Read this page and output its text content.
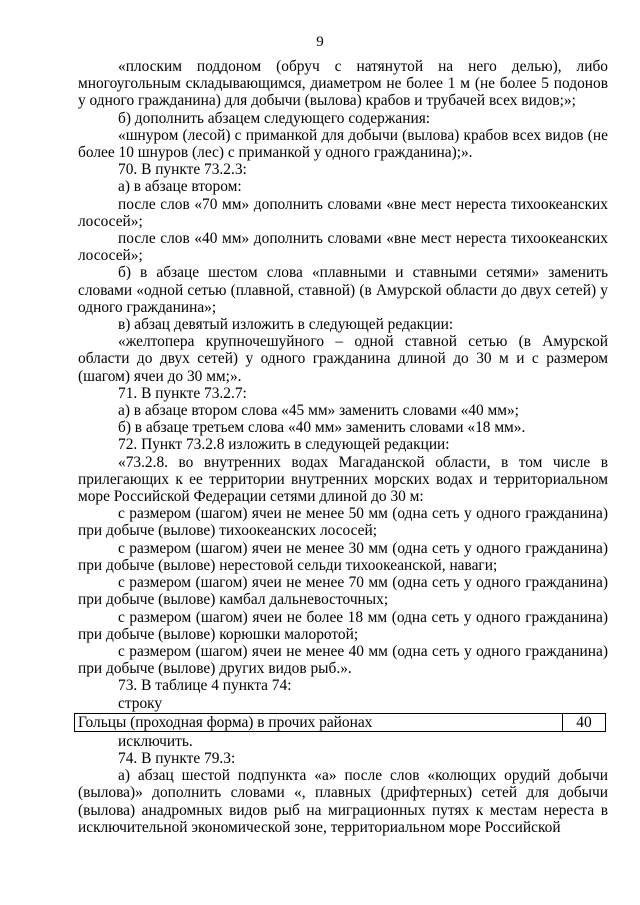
9

«плоским поддоном (обруч с натянутой на него делью), либо многоугольным складывающимся, диаметром не более 1 м (не более 5 подонов у одного гражданина) для добычи (вылова) крабов и трубачей всех видов;»;

б) дополнить абзацем следующего содержания:

«шнуром (лесой) с приманкой для добычи (вылова) крабов всех видов (не более 10 шнуров (лес) с приманкой у одного гражданина);».

70. В пункте 73.2.3:

а) в абзаце втором:

после слов «70 мм» дополнить словами «вне мест нереста тихоокеанских лососей»;

после слов «40 мм» дополнить словами «вне мест нереста тихоокеанских лососей»;

б) в абзаце шестом слова «плавными и ставными сетями» заменить словами «одной сетью (плавной, ставной) (в Амурской области до двух сетей) у одного гражданина»;

в) абзац девятый изложить в следующей редакции:

«желтопера крупночешуйного – одной ставной сетью (в Амурской области до двух сетей) у одного гражданина длиной до 30 м и с размером (шагом) ячеи до 30 мм;».

71. В пункте 73.2.7:

а) в абзаце втором слова «45 мм» заменить словами «40 мм»;

б) в абзаце третьем слова «40 мм» заменить словами «18 мм».

72. Пункт 73.2.8 изложить в следующей редакции:

«73.2.8. во внутренних водах Магаданской области, в том числе в прилегающих к ее территории внутренних морских водах и территориальном море Российской Федерации сетями длиной до 30 м:

с размером (шагом) ячеи не менее 50 мм (одна сеть у одного гражданина) при добыче (вылове) тихоокеанских лососей;

с размером (шагом) ячеи не менее 30 мм (одна сеть у одного гражданина) при добыче (вылове) нерестовой сельди тихоокеанской, наваги;

с размером (шагом) ячеи не менее 70 мм (одна сеть у одного гражданина) при добыче (вылове) камбал дальневосточных;

с размером (шагом) ячеи не более 18 мм (одна сеть у одного гражданина) при добыче (вылове) корюшки малоротой;

с размером (шагом) ячеи не менее 40 мм (одна сеть у одного гражданина) при добыче (вылове) других видов рыб.».

73. В таблице 4 пункта 74:

строку

Гольцы (проходная форма) в прочих районах	40

исключить.

74. В пункте 79.3:

а) абзац шестой подпункта «а» после слов «колющих орудий добычи (вылова)» дополнить словами «, плавных (дрифтерных) сетей для добычи (вылова) анадромных видов рыб на миграционных путях к местам нереста в исключительной экономической зоне, территориальном море Российской
